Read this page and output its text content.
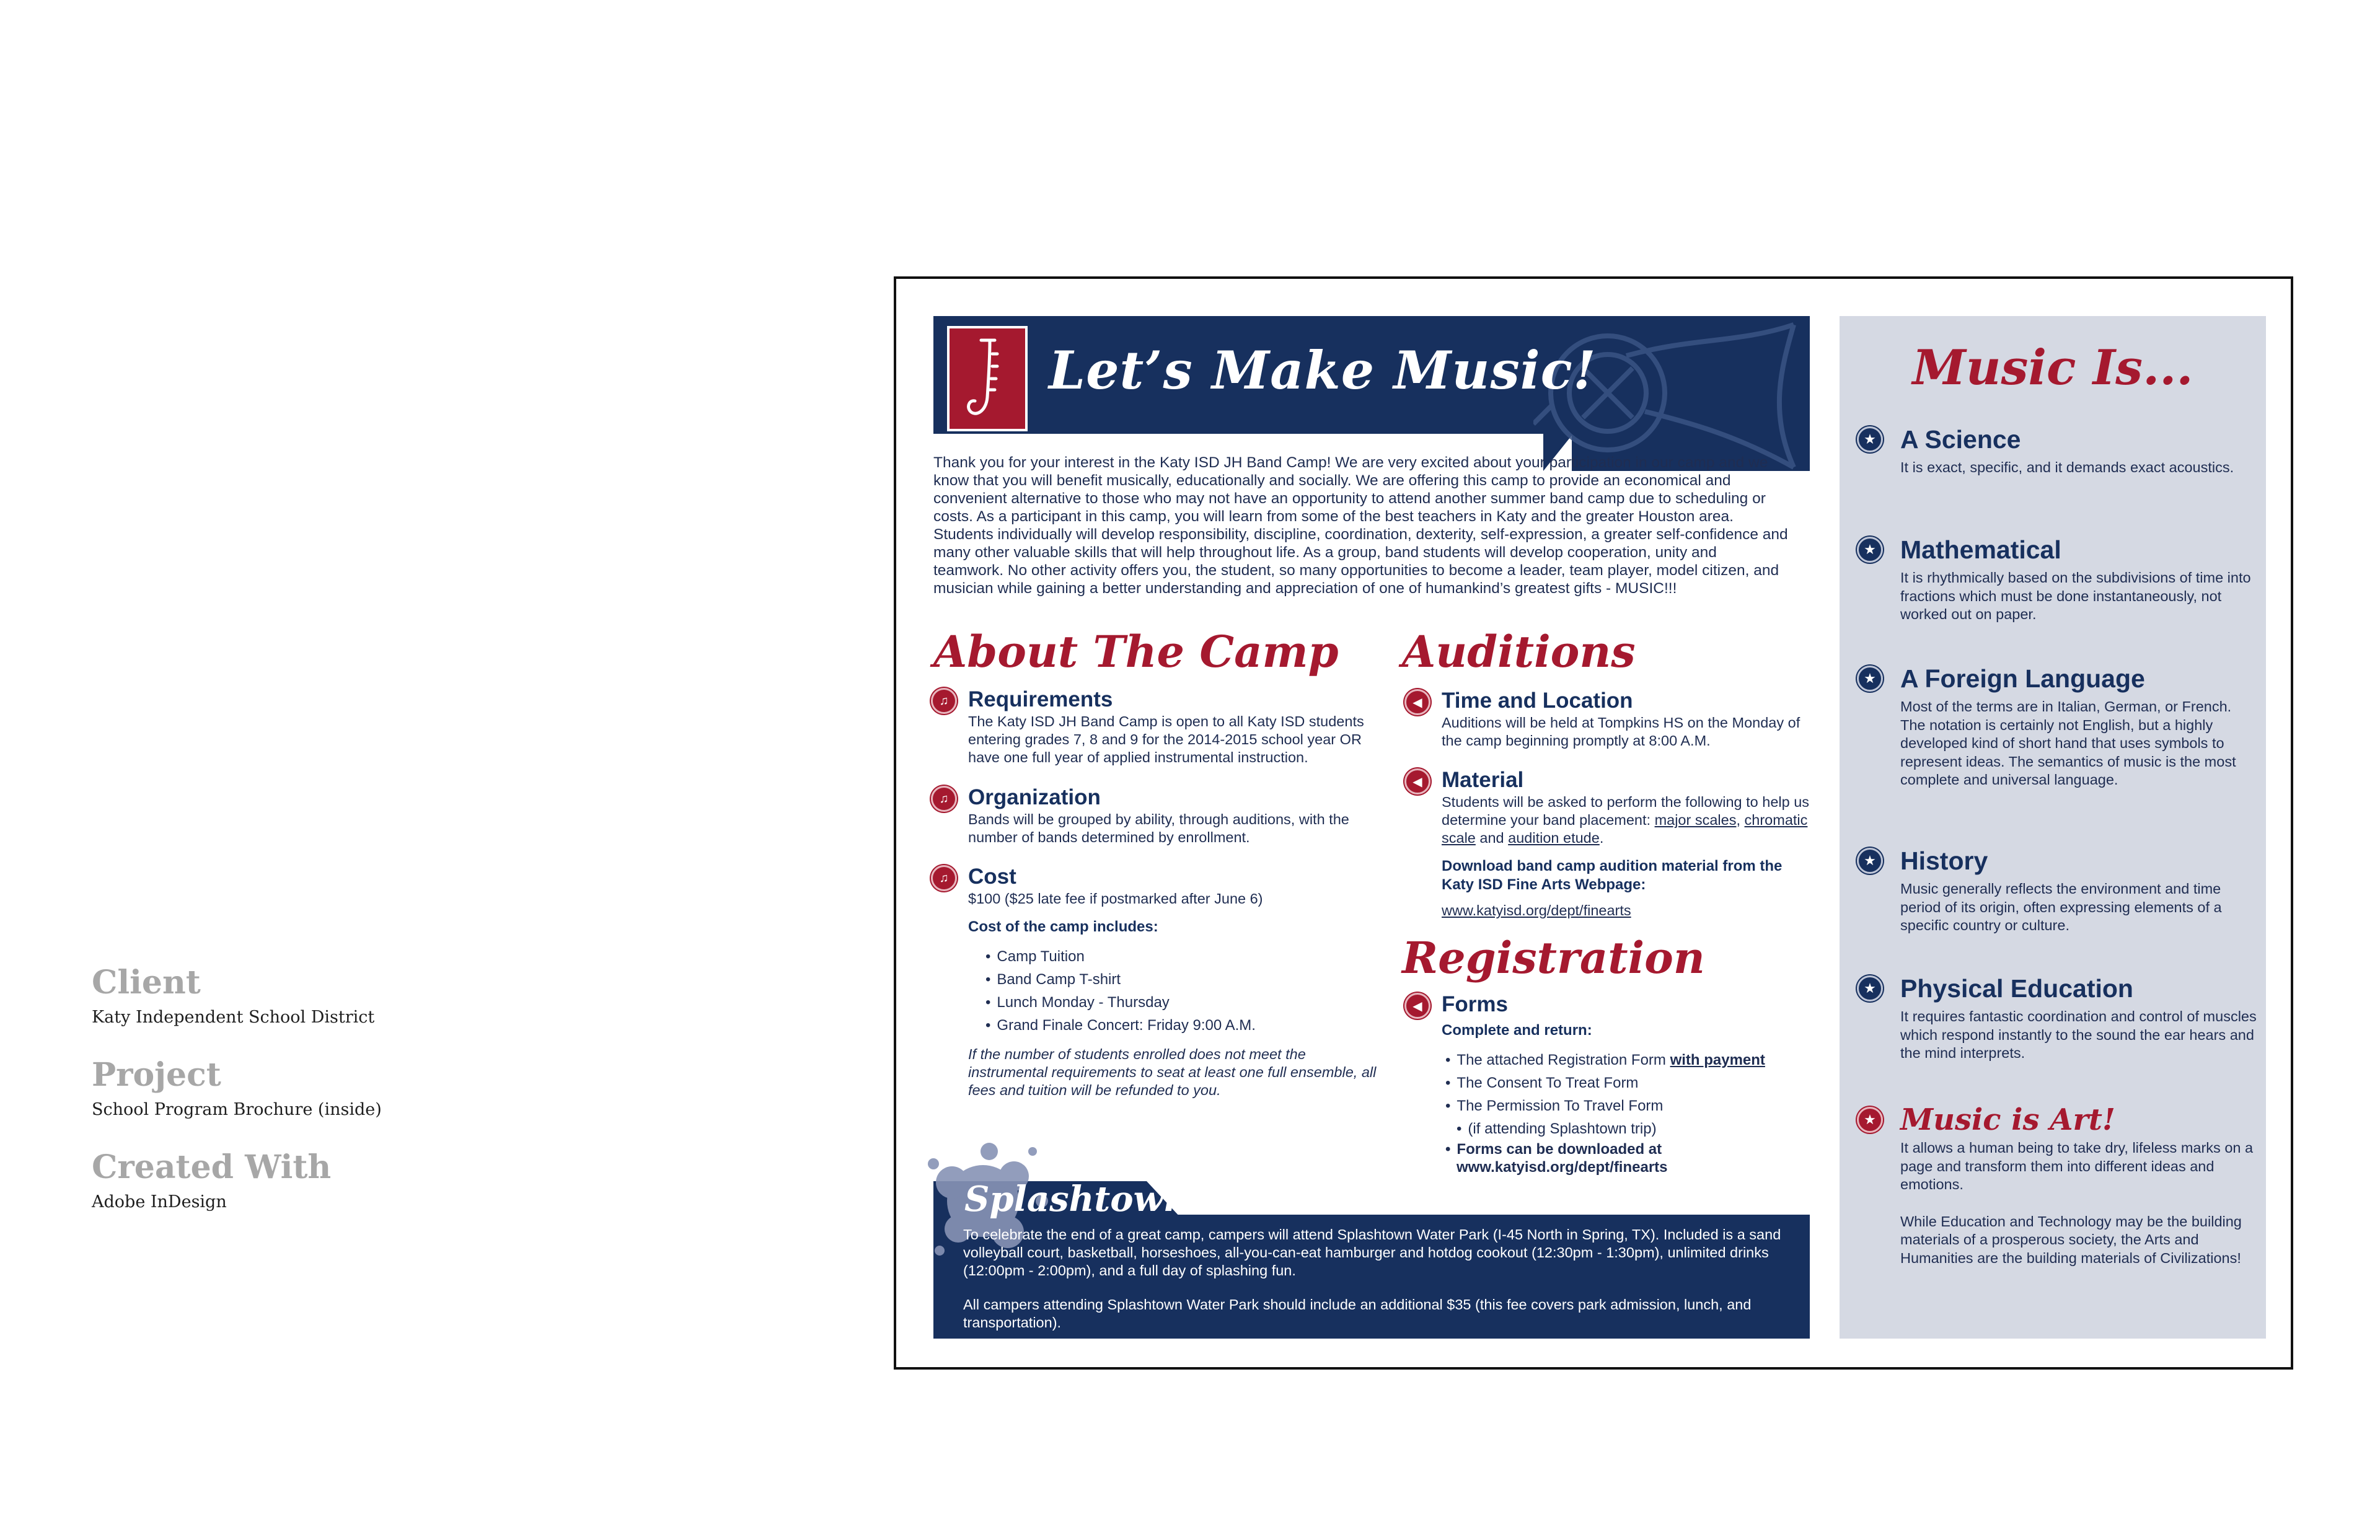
Client
Katy Independent School District
Project
School Program Brochure (inside)
Created With
Adobe InDesign
Let’s Make Music!
Thank you for your interest in the Katy ISD JH Band Camp! We are very excited about your participation in our camp and we know that you will benefit musically, educationally and socially. We are offering this camp to provide an economical and convenient alternative to those who may not have an opportunity to attend another summer band camp due to scheduling or costs. As a participant in this camp, you will learn from some of the best teachers in Katy and the greater Houston area. Students individually will develop responsibility, discipline, coordination, dexterity, self-expression, a greater self-confidence and many other valuable skills that will help throughout life. As a group, band students will develop cooperation, unity and teamwork. No other activity offers you, the student, so many opportunities to become a leader, team player, model citizen, and musician while gaining a better understanding and appreciation of one of humankind’s greatest gifts - MUSIC!!!
About The Camp
♫ Requirements
The Katy ISD JH Band Camp is open to all Katy ISD students entering grades 7, 8 and 9 for the 2014-2015 school year OR have one full year of applied instrumental instruction.
♫ Organization
Bands will be grouped by ability, through auditions, with the number of bands determined by enrollment.
♫ Cost
$100 ($25 late fee if postmarked after June 6)
Cost of the camp includes:
• Camp Tuition
• Band Camp T-shirt
• Lunch Monday - Thursday
• Grand Finale Concert: Friday 9:00 A.M.
If the number of students enrolled does not meet the instrumental requirements to seat at least one full ensemble, all fees and tuition will be refunded to you.
Auditions
◀ Time and Location
Auditions will be held at Tompkins HS on the Monday of the camp beginning promptly at 8:00 A.M.
◀ Material
Students will be asked to perform the following to help us determine your band placement: major scales, chromatic scale and audition etude.
Download band camp audition material from the Katy ISD Fine Arts Webpage:
www.katyisd.org/dept/finearts
Registration
◀ Forms
Complete and return:
• The attached Registration Form with payment
• The Consent To Treat Form
• The Permission To Travel Form
• (if attending Splashtown trip)
• Forms can be downloaded at
www.katyisd.org/dept/finearts
Splashtown

To celebrate the end of a great camp, campers will attend Splashtown Water Park (I-45 North in Spring, TX). Included is a sand volleyball court, basketball, horseshoes, all-you-can-eat hamburger and hotdog cookout (12:30pm - 1:30pm), unlimited drinks (12:00pm - 2:00pm), and a full day of splashing fun.

All campers attending Splashtown Water Park should include an additional $35 (this fee covers park admission, lunch, and transportation).

Music Is...
★ A Science
It is exact, specific, and it demands exact acoustics.
★ Mathematical
It is rhythmically based on the subdivisions of time into fractions which must be done instantaneously, not worked out on paper.
★ A Foreign Language
Most of the terms are in Italian, German, or French. The notation is certainly not English, but a highly developed kind of short hand that uses symbols to represent ideas. The semantics of music is the most complete and universal language.
★ History
Music generally reflects the environment and time period of its origin, often expressing elements of a specific country or culture.
★ Physical Education
It requires fantastic coordination and control of muscles which respond instantly to the sound the ear hears and the mind interprets.
★ Music is Art!

It allows a human being to take dry, lifeless marks on a page and transform them into different ideas and emotions.

While Education and Technology may be the building materials of a prosperous society, the Arts and Humanities are the building materials of Civilizations!
